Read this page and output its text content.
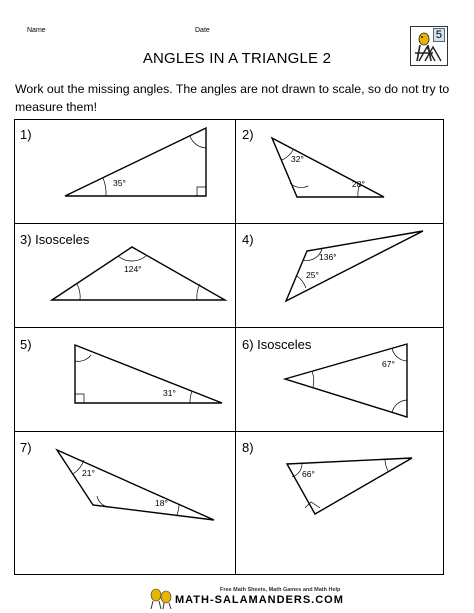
Name	Date
ANGLES IN A TRIANGLE 2
5
Work out the missing angles. The angles are not drawn to scale, so do not try to measure them!
1)	2)
3) Isosceles	4)
5)	6) Isosceles
7)	8)
35°
32°
28°
124°
136°
25°
31°
67°
21°
18°
66°
Free Math Sheets, Math Games and Math Help
MATH-SALAMANDERS.COM
